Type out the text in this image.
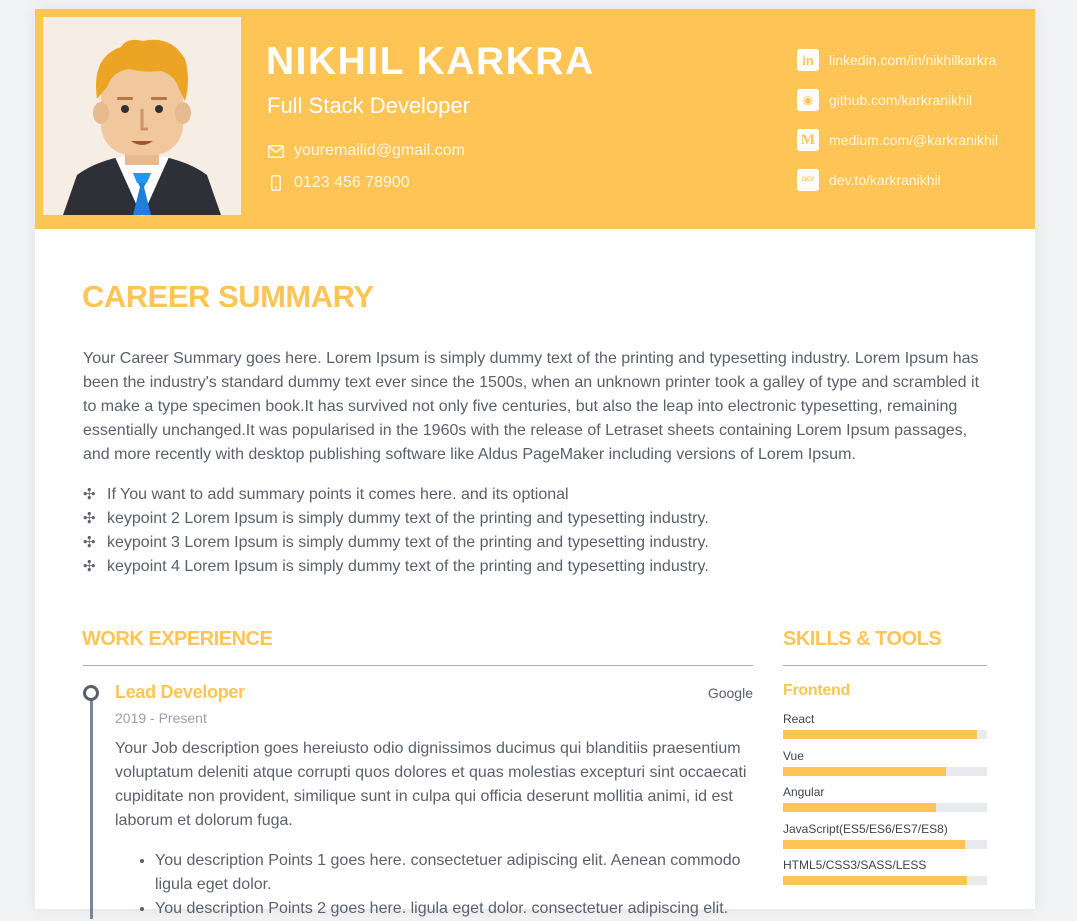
NIKHIL KARKRA
Full Stack Developer
youremailid@gmail.com
0123 456 78900
in	linkedin.com/in/nikhilkarkra
◉	github.com/karkranikhil
M medium.com/@karkranikhil
DEV	dev.to/karkranikhil
CAREER SUMMARY

Your Career Summary goes here. Lorem Ipsum is simply dummy text of the printing and typesetting industry. Lorem Ipsum has been the industry's standard dummy text ever since the 1500s, when an unknown printer took a galley of type and scrambled it to make a type specimen book.It has survived not only five centuries, but also the leap into electronic typesetting, remaining essentially unchanged.It was popularised in the 1960s with the release of Letraset sheets containing Lorem Ipsum passages, and more recently with desktop publishing software like Aldus PageMaker including versions of Lorem Ipsum.

✣ If You want to add summary points it comes here. and its optional
✣ keypoint 2 Lorem Ipsum is simply dummy text of the printing and typesetting industry.
✣ keypoint 3 Lorem Ipsum is simply dummy text of the printing and typesetting industry.
✣ keypoint 4 Lorem Ipsum is simply dummy text of the printing and typesetting industry.
WORK EXPERIENCE
Lead Developer	Google
2019 - Present

Your Job description goes hereiusto odio dignissimos ducimus qui blanditiis praesentium voluptatum deleniti atque corrupti quos dolores et quas molestias excepturi sint occaecati cupiditate non provident, similique sunt in culpa qui officia deserunt mollitia animi, id est laborum et dolorum fuga.

• You description Points 1 goes here. consectetuer adipiscing elit. Aenean commodo ligula eget dolor.
• You description Points 2 goes here. ligula eget dolor. consectetuer adipiscing elit.
SKILLS & TOOLS
Frontend
React
Vue
Angular
JavaScript(ES5/ES6/ES7/ES8)
HTML5/CSS3/SASS/LESS
